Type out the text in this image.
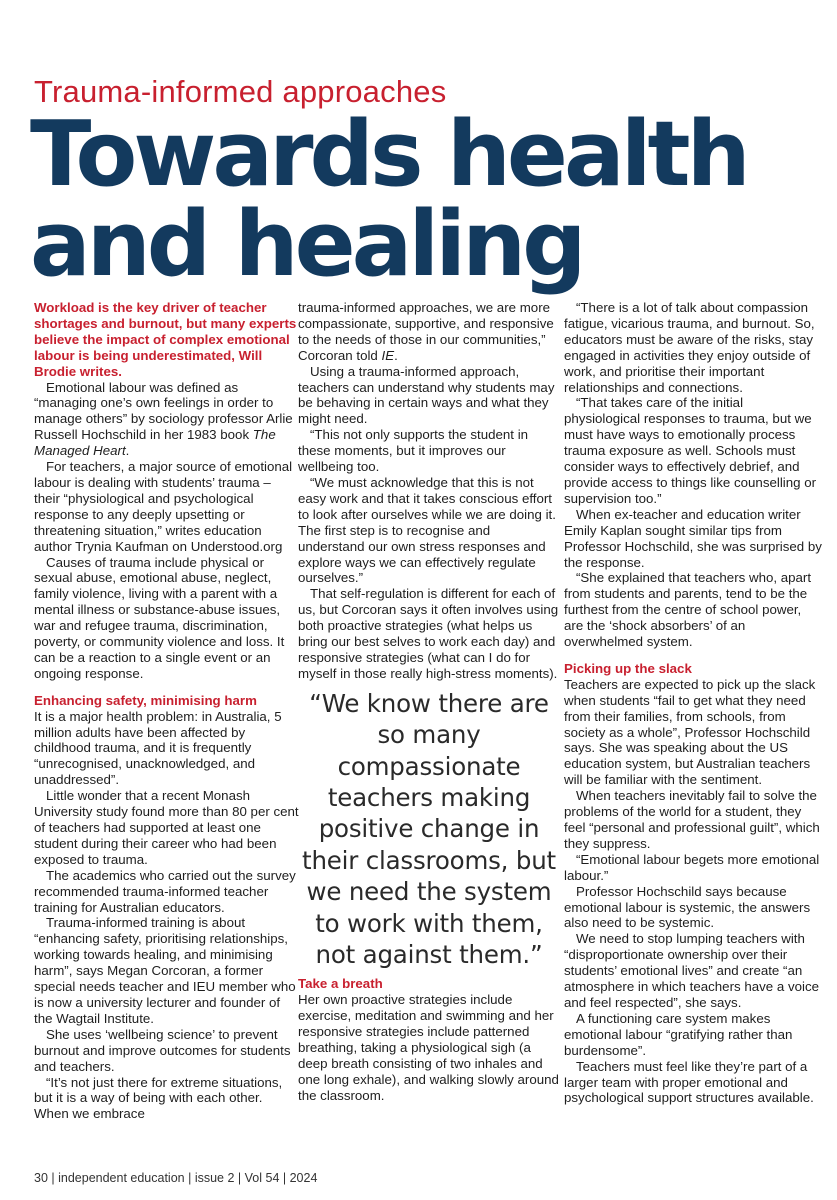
Trauma-informed approaches
Towards health
and healing

Workload is the key driver of teacher shortages and burnout, but many experts believe the impact of complex emotional labour is being underestimated, Will Brodie writes.

Emotional labour was defined as “managing one’s own feelings in order to manage others” by sociology professor Arlie Russell Hochschild in her 1983 book The Managed Heart.

For teachers, a major source of emotional labour is dealing with students’ trauma – their “physiological and psychological response to any deeply upsetting or threatening situation,” writes education author Trynia Kaufman on Understood.org

Causes of trauma include physical or sexual abuse, emotional abuse, neglect, family violence, living with a parent with a mental illness or substance-abuse issues, war and refugee trauma, discrimination, poverty, or community violence and loss. It can be a reaction to a single event or an ongoing response.

Enhancing safety, minimising harm

It is a major health problem: in Australia, 5 million adults have been affected by childhood trauma, and it is frequently “unrecognised, unacknowledged, and unaddressed”.

Little wonder that a recent Monash University study found more than 80 per cent of teachers had supported at least one student during their career who had been exposed to trauma.

The academics who carried out the survey recommended trauma-informed teacher training for Australian educators.

Trauma-informed training is about “enhancing safety, prioritising relationships, working towards healing, and minimising harm”, says Megan Corcoran, a former special needs teacher and IEU member who is now a university lecturer and founder of the Wagtail Institute.

She uses ‘wellbeing science’ to prevent burnout and improve outcomes for students and teachers.

“It’s not just there for extreme situations, but it is a way of being with each other. When we embrace

trauma-informed approaches, we are more compassionate, supportive, and responsive to the needs of those in our communities,” Corcoran told IE.

Using a trauma-informed approach, teachers can understand why students may be behaving in certain ways and what they might need.

“This not only supports the student in these moments, but it improves our wellbeing too.

“We must acknowledge that this is not easy work and that it takes conscious effort to look after ourselves while we are doing it. The first step is to recognise and understand our own stress responses and explore ways we can effectively regulate ourselves.”

That self-regulation is different for each of us, but Corcoran says it often involves using both proactive strategies (what helps us bring our best selves to work each day) and responsive strategies (what can I do for myself in those really high-stress moments).

“We know there are so many compassionate teachers making positive change in their classrooms, but we need the system to work with them, not against them.”
Take a breath

Her own proactive strategies include exercise, meditation and swimming and her responsive strategies include patterned breathing, taking a physiological sigh (a deep breath consisting of two inhales and one long exhale), and walking slowly around the classroom.

“There is a lot of talk about compassion fatigue, vicarious trauma, and burnout. So, educators must be aware of the risks, stay engaged in activities they enjoy outside of work, and prioritise their important relationships and connections.

“That takes care of the initial physiological responses to trauma, but we must have ways to emotionally process trauma exposure as well. Schools must consider ways to effectively debrief, and provide access to things like counselling or supervision too.”

When ex-teacher and education writer Emily Kaplan sought similar tips from Professor Hochschild, she was surprised by the response.

“She explained that teachers who, apart from students and parents, tend to be the furthest from the centre of school power, are the ‘shock absorbers’ of an overwhelmed system.

Picking up the slack

Teachers are expected to pick up the slack when students “fail to get what they need from their families, from schools, from society as a whole”, Professor Hochschild says. She was speaking about the US education system, but Australian teachers will be familiar with the sentiment.

When teachers inevitably fail to solve the problems of the world for a student, they feel “personal and professional guilt”, which they suppress.

“Emotional labour begets more emotional labour.”

Professor Hochschild says because emotional labour is systemic, the answers also need to be systemic.

We need to stop lumping teachers with “disproportionate ownership over their students’ emotional lives” and create “an atmosphere in which teachers have a voice and feel respected”, she says.

A functioning care system makes emotional labour “gratifying rather than burdensome”.

Teachers must feel like they’re part of a larger team with proper emotional and psychological support structures available.

30 | independent education | issue 2 | Vol 54 | 2024
